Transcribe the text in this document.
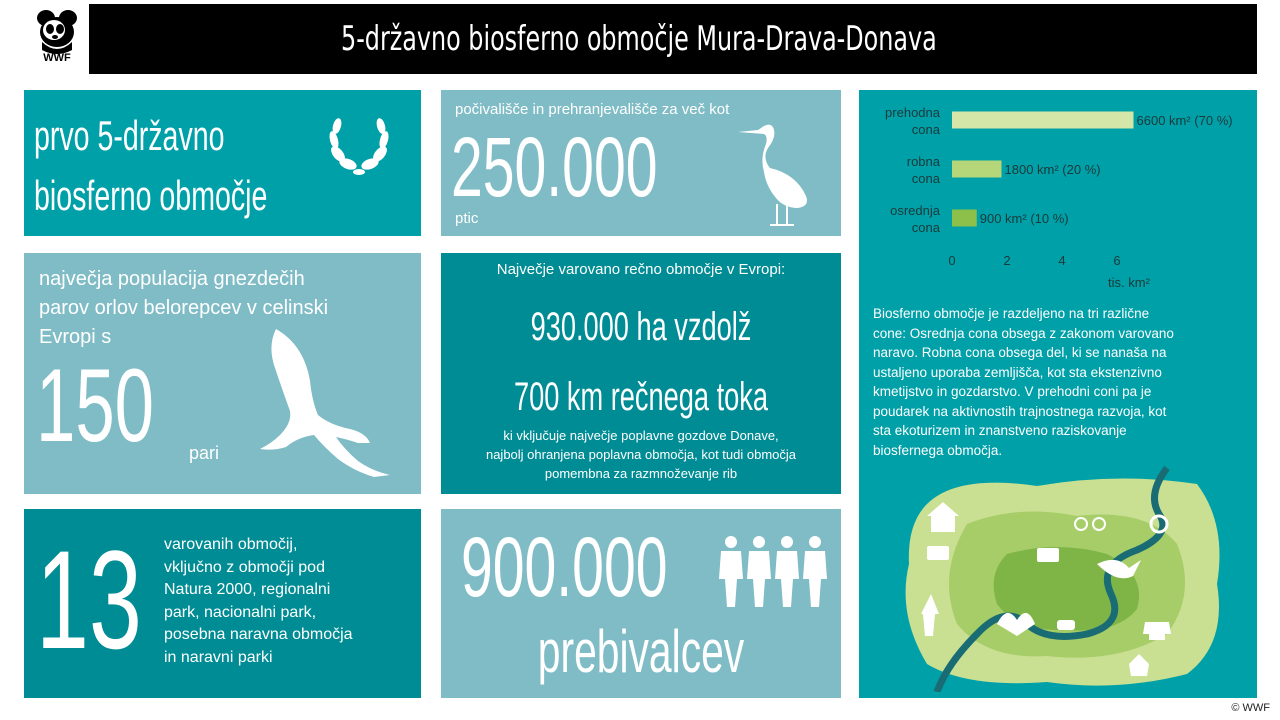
WWF	5-državno biosferno območje Mura-Drava-Donava
prvo 5-državno
biosferno območje
počivališče in prehranjevališče za več kot
250.000
ptic
največja populacija gnezdečih
parov orlov belorepcev v celinski
Evropi s
150 pari
Največje varovano rečno območje v Evropi:
930.000 ha vzdolž
700 km rečnega toka
ki vključuje največje poplavne gozdove Donave,
najbolj ohranjena poplavna območja, kot tudi območja
pomembna za razmnoževanje rib
13 varovanih območij,
vključno z območji pod
Natura 2000, regionalni
park, nacionalni park,
posebna naravna območja
in naravni parki
900.000
prebivalcev
0	2	4	6
tis. km²
prehodna cona
6600 km² (70 %)
robna cona
1800 km² (20 %)
osrednja cona
900 km² (10 %)
Biosferno območje je razdeljeno na tri različne
cone: Osrednja cona obsega z zakonom varovano
naravo. Robna cona obsega del, ki se nanaša na
ustaljeno uporaba zemljišča, kot sta ekstenzivno
kmetijstvo in gozdarstvo. V prehodni coni pa je
poudarek na aktivnostih trajnostnega razvoja, kot
sta ekoturizem in znanstveno raziskovanje
biosfernega območja.
© WWF
